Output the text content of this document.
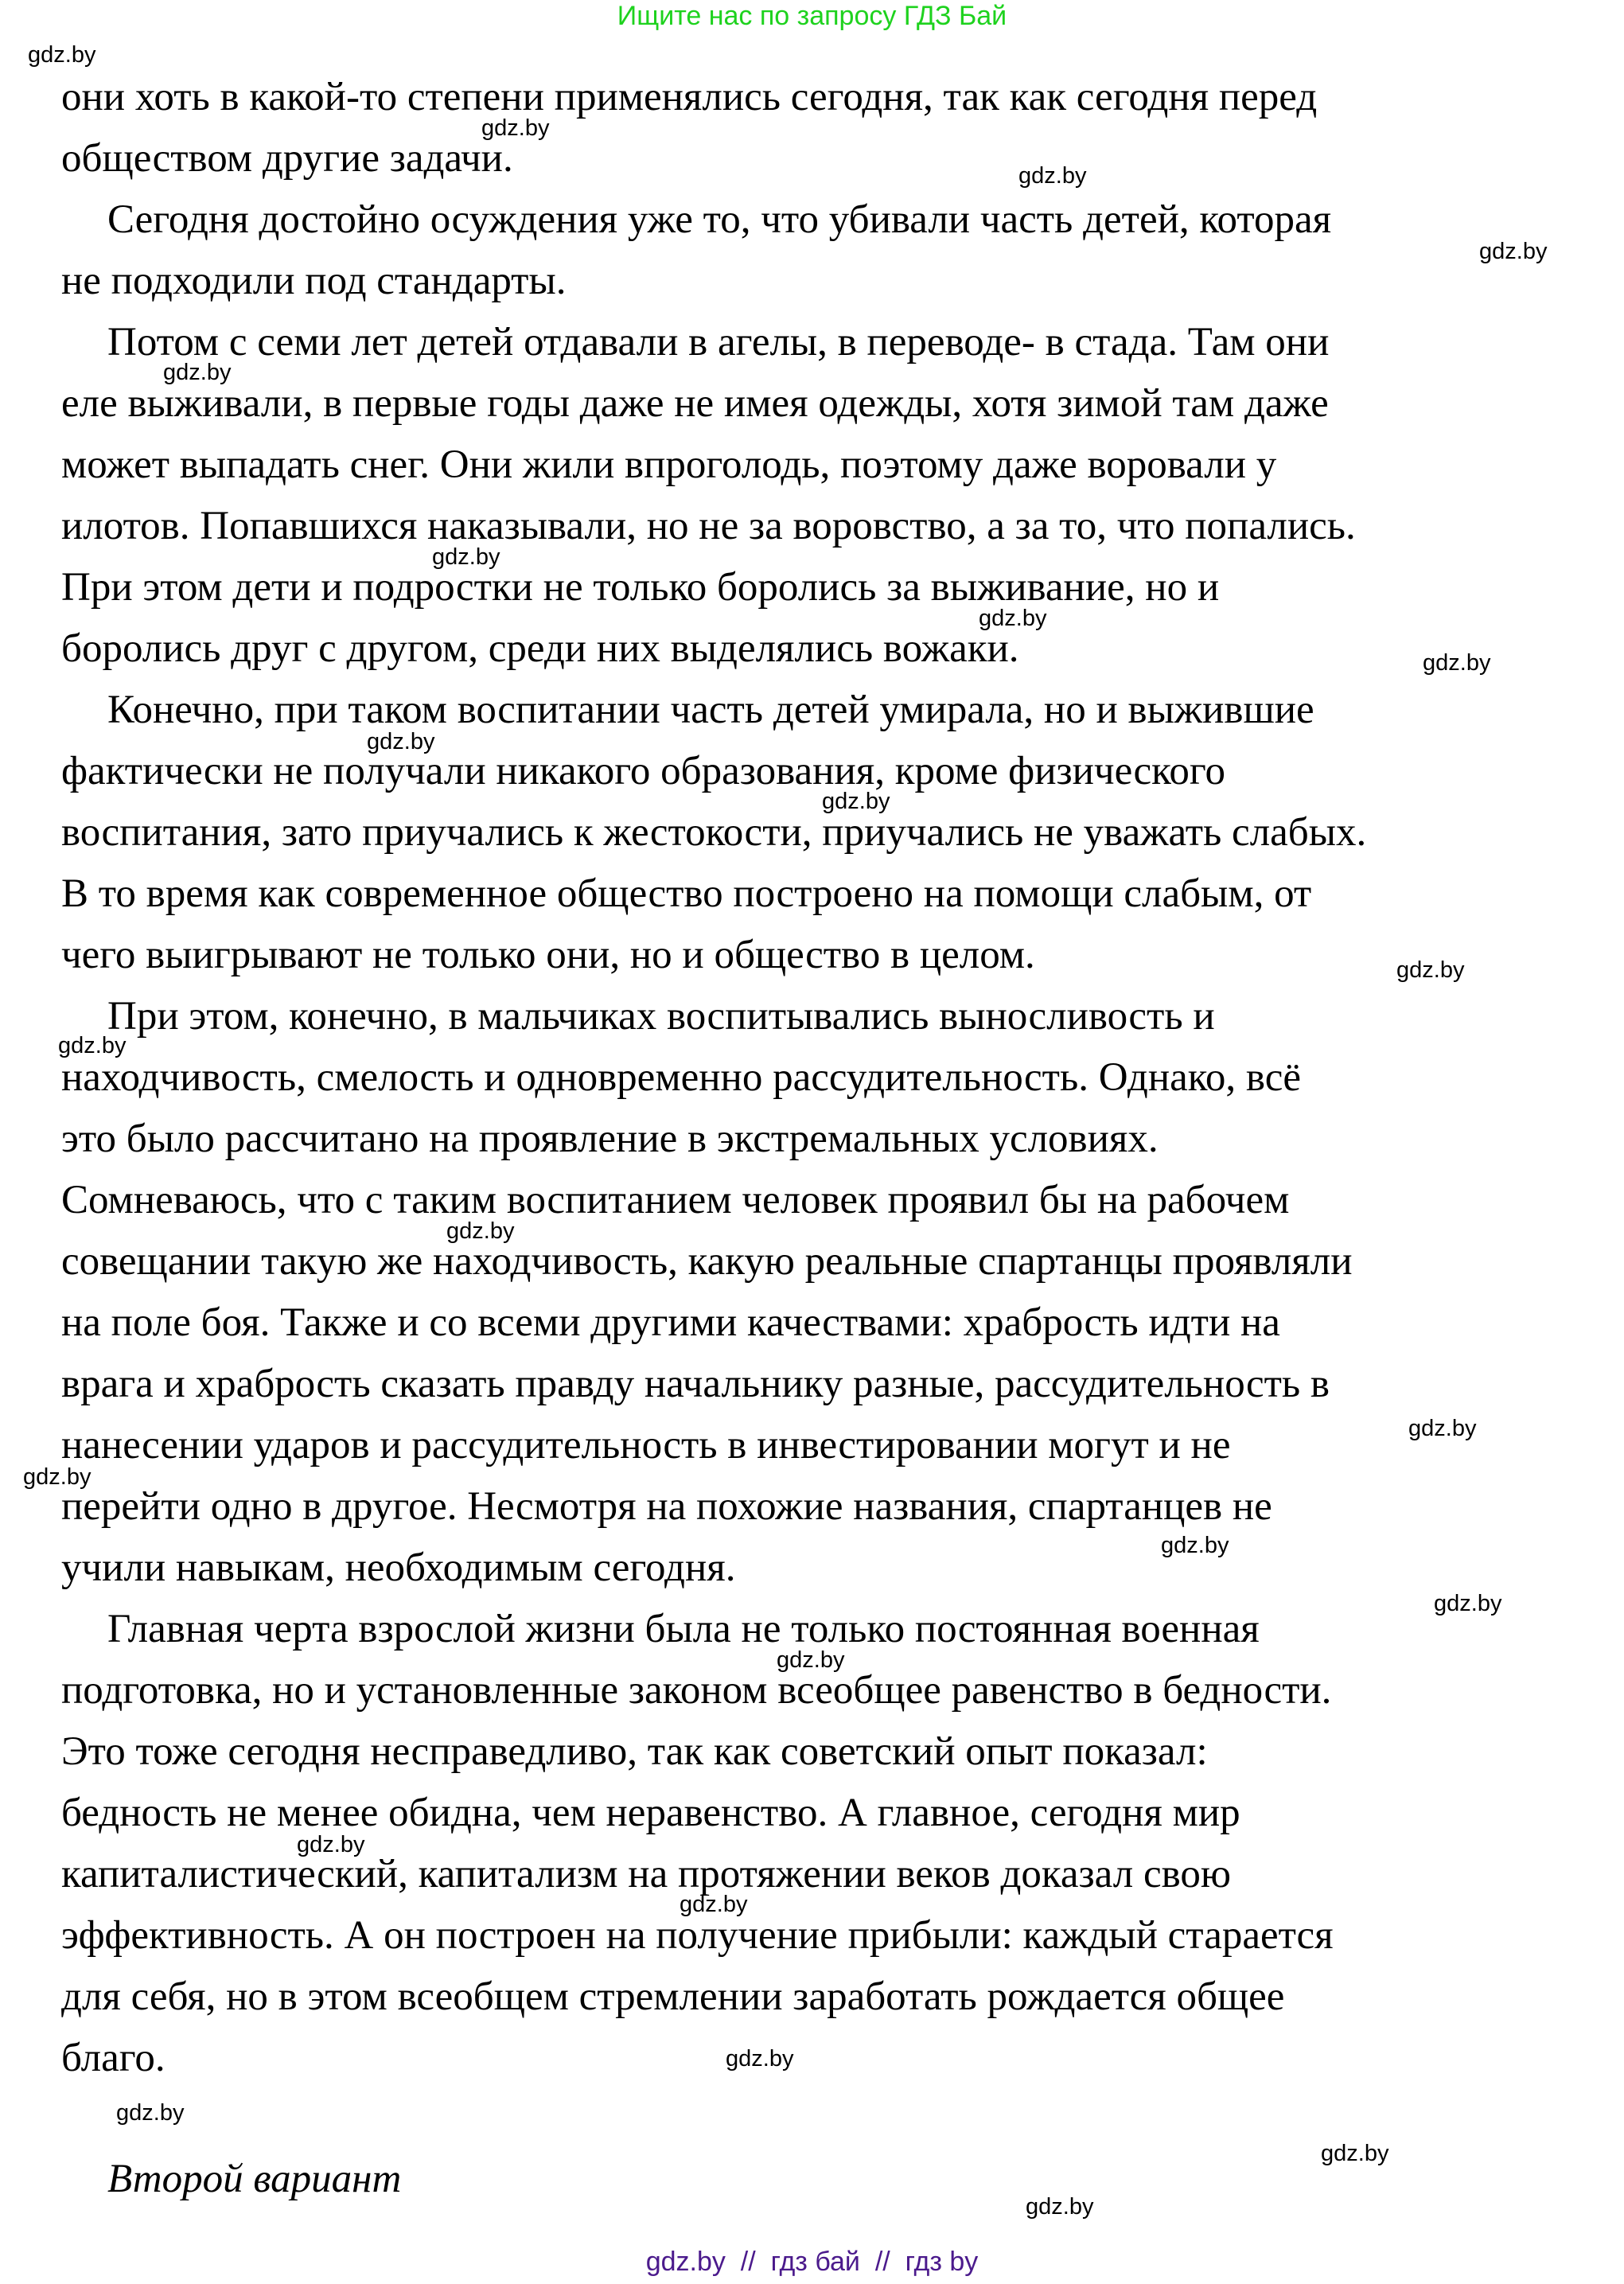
Ищите нас по запросу ГДЗ Бай
они хоть в какой-то степени применялись сегодня, так как сегодня перед
обществом другие задачи.
Сегодня достойно осуждения уже то, что убивали часть детей, которая
не подходили под стандарты.
Потом с семи лет детей отдавали в агелы, в переводе- в стада. Там они
еле выживали, в первые годы даже не имея одежды, хотя зимой там даже
может выпадать снег. Они жили впроголодь, поэтому даже воровали у
илотов. Попавшихся наказывали, но не за воровство, а за то, что попались.
При этом дети и подростки не только боролись за выживание, но и
боролись друг с другом, среди них выделялись вожаки.
Конечно, при таком воспитании часть детей умирала, но и выжившие
фактически не получали никакого образования, кроме физического
воспитания, зато приучались к жестокости, приучались не уважать слабых.
В то время как современное общество построено на помощи слабым, от
чего выигрывают не только они, но и общество в целом.
При этом, конечно, в мальчиках воспитывались выносливость и
находчивость, смелость и одновременно рассудительность. Однако, всё
это было рассчитано на проявление в экстремальных условиях.
Сомневаюсь, что с таким воспитанием человек проявил бы на рабочем
совещании такую же находчивость, какую реальные спартанцы проявляли
на поле боя. Также и со всеми другими качествами: храбрость идти на
врага и храбрость сказать правду начальнику разные, рассудительность в
нанесении ударов и рассудительность в инвестировании могут и не
перейти одно в другое. Несмотря на похожие названия, спартанцев не
учили навыкам, необходимым сегодня.
Главная черта взрослой жизни была не только постоянная военная
подготовка, но и установленные законом всеобщее равенство в бедности.
Это тоже сегодня несправедливо, так как советский опыт показал:
бедность не менее обидна, чем неравенство. А главное, сегодня мир
капиталистический, капитализм на протяжении веков доказал свою
эффективность. А он построен на получение прибыли: каждый старается
для себя, но в этом всеобщем стремлении заработать рождается общее
благо.
Второй вариант
gdz.by
gdz.by
gdz.by
gdz.by
gdz.by
gdz.by
gdz.by
gdz.by
gdz.by
gdz.by
gdz.by
gdz.by
gdz.by
gdz.by
gdz.by
gdz.by
gdz.by
gdz.by
gdz.by
gdz.by
gdz.by
gdz.by
gdz.by
gdz.by
gdz.by  //  гдз бай  //  гдз by
